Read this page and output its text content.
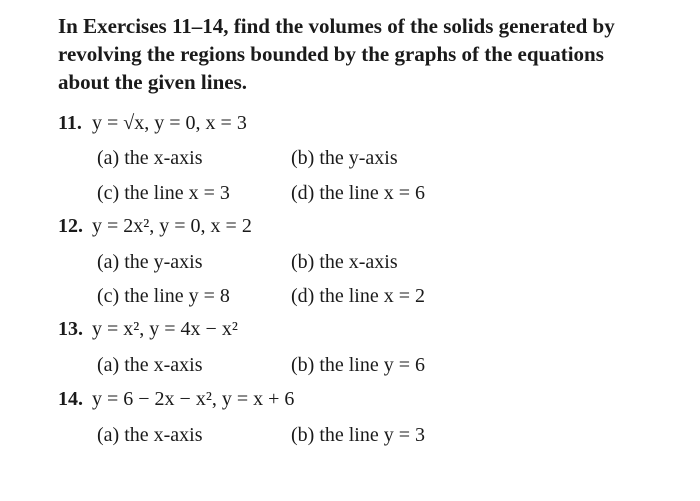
In Exercises 11–14, find the volumes of the solids generated by
revolving the regions bounded by the graphs of the equations
about the given lines.
11. y = √x, y = 0, x = 3
(a) the x-axis	(b) the y-axis
(c) the line x = 3	(d) the line x = 6
12. y = 2x², y = 0, x = 2
(a) the y-axis	(b) the x-axis
(c) the line y = 8	(d) the line x = 2
13. y = x², y = 4x − x²
(a) the x-axis	(b) the line y = 6
14. y = 6 − 2x − x², y = x + 6
(a) the x-axis	(b) the line y = 3
